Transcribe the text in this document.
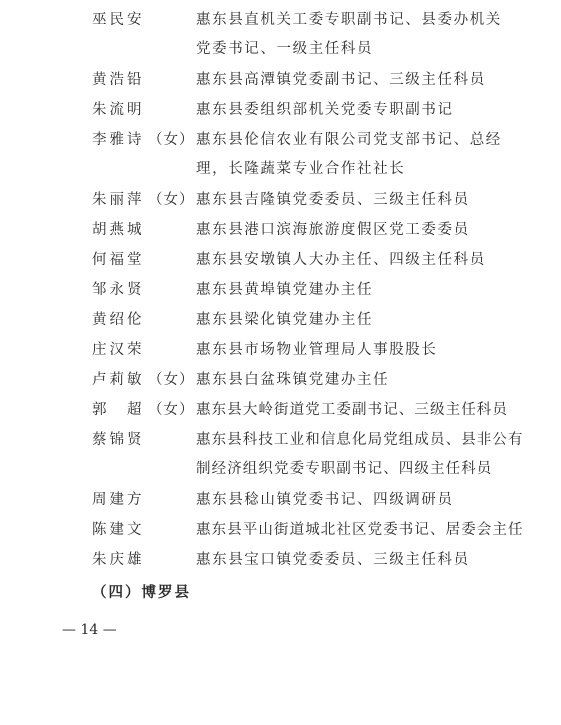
巫民安	惠东县直机关工委专职副书记、县委办机关
党委书记、一级主任科员
黄浩铅	惠东县高潭镇党委副书记、三级主任科员
朱流明	惠东县委组织部机关党委专职副书记
李雅诗 （女） 惠东县伦信农业有限公司党支部书记、总经
理，长隆蔬菜专业合作社社长
朱丽萍 （女） 惠东县吉隆镇党委委员、三级主任科员
胡燕城	惠东县港口滨海旅游度假区党工委委员
何福堂	惠东县安墩镇人大办主任、四级主任科员
邹永贤	惠东县黄埠镇党建办主任
黄绍伦	惠东县梁化镇党建办主任
庄汉荣	惠东县市场物业管理局人事股股长
卢莉敏 （女） 惠东县白盆珠镇党建办主任
郭　超 （女） 惠东县大岭街道党工委副书记、三级主任科员
蔡锦贤	惠东县科技工业和信息化局党组成员、县非公有
制经济组织党委专职副书记、四级主任科员
周建方	惠东县稔山镇党委书记、四级调研员
陈建文	惠东县平山街道城北社区党委书记、居委会主任
朱庆雄	惠东县宝口镇党委委员、三级主任科员
（四）博罗县
— 14 —
